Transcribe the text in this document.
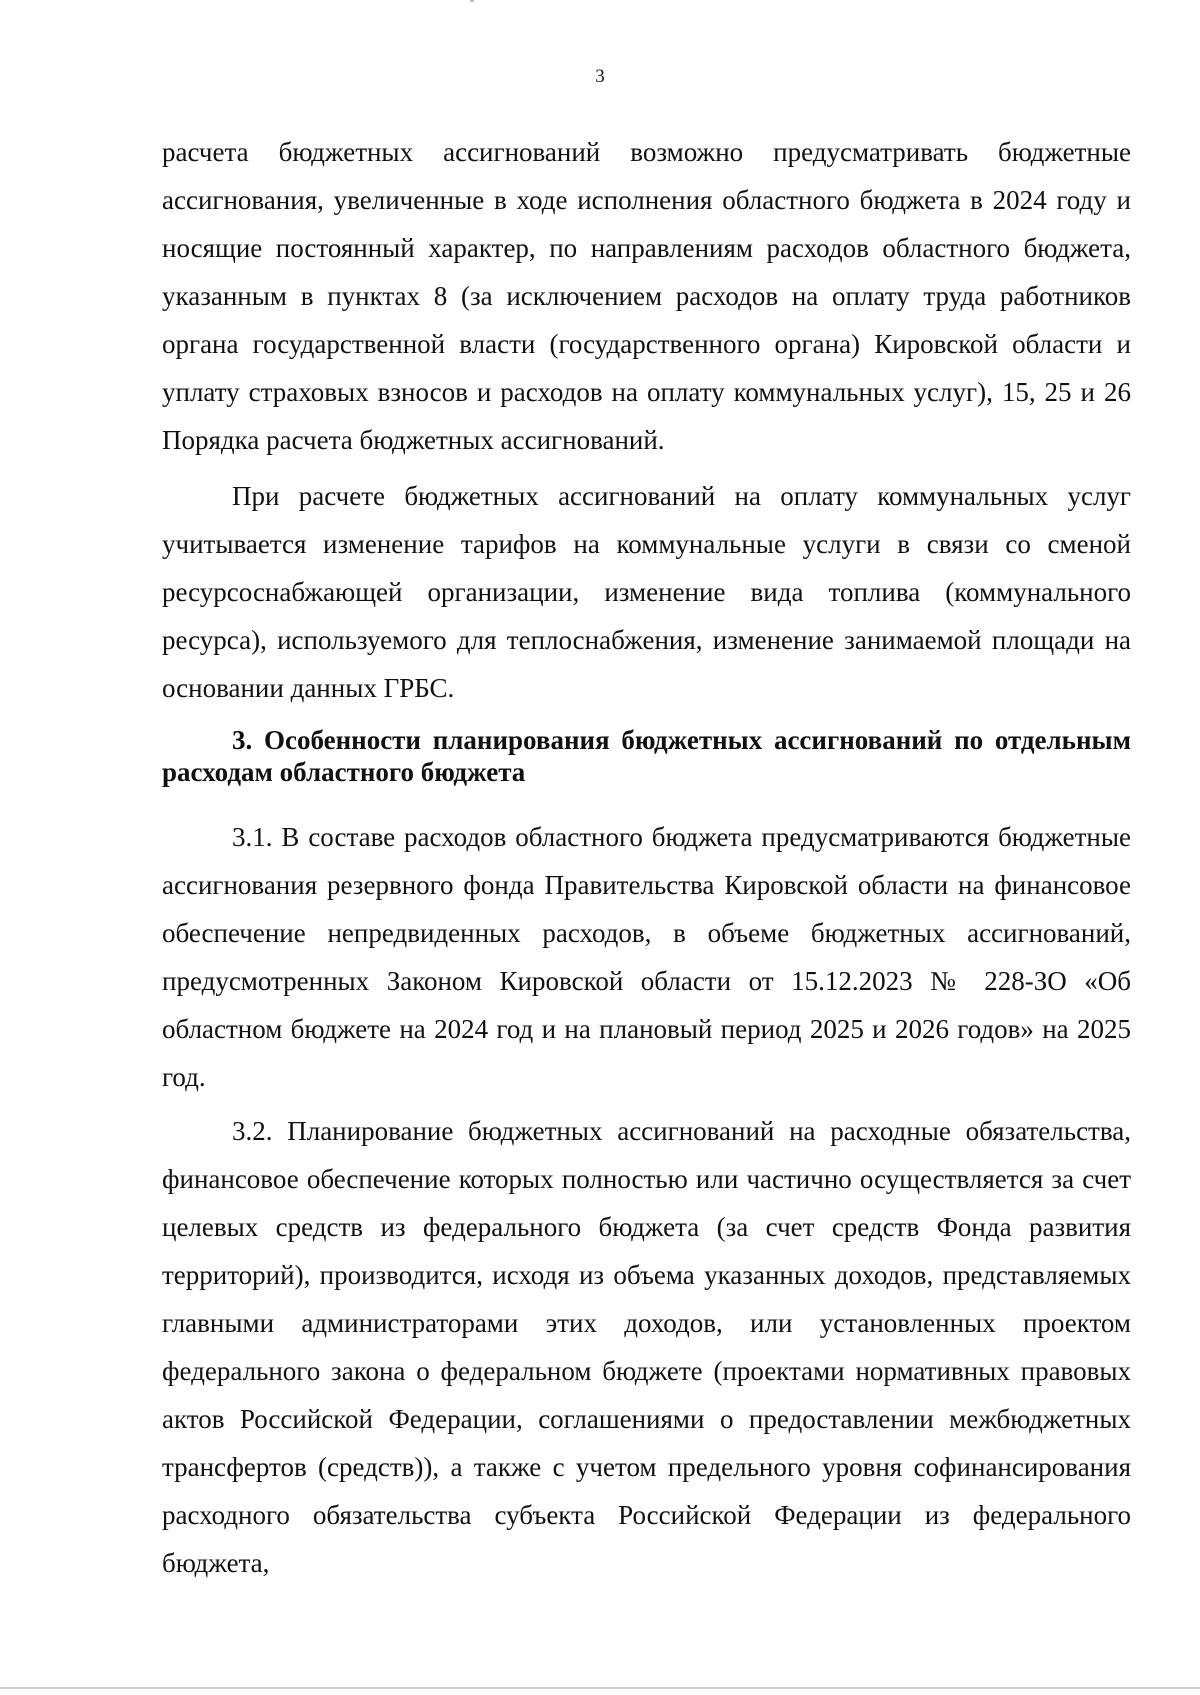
3

расчета бюджетных ассигнований возможно предусматривать бюджетные ассигнования, увеличенные в ходе исполнения областного бюджета в 2024 году и носящие постоянный характер, по направлениям расходов областного бюджета, указанным в пунктах 8 (за исключением расходов на оплату труда работников органа государственной власти (государственного органа) Кировской области и уплату страховых взносов и расходов на оплату коммунальных услуг), 15, 25 и 26 Порядка расчета бюджетных ассигнований.

При расчете бюджетных ассигнований на оплату коммунальных услуг учитывается изменение тарифов на коммунальные услуги в связи со сменой ресурсоснабжающей организации, изменение вида топлива (коммунального ресурса), используемого для теплоснабжения, изменение занимаемой площади на основании данных ГРБС.

3. Особенности планирования бюджетных ассигнований по отдельным расходам областного бюджета

3.1. В составе расходов областного бюджета предусматриваются бюджетные ассигнования резервного фонда Правительства Кировской области на финансовое обеспечение непредвиденных расходов, в объеме бюджетных ассигнований, предусмотренных Законом Кировской области от 15.12.2023 № 228-ЗО «Об областном бюджете на 2024 год и на плановый период 2025 и 2026 годов» на 2025 год.

3.2. Планирование бюджетных ассигнований на расходные обязательства, финансовое обеспечение которых полностью или частично осуществляется за счет целевых средств из федерального бюджета (за счет средств Фонда развития территорий), производится, исходя из объема указанных доходов, представляемых главными администраторами этих доходов, или установленных проектом федерального закона о федеральном бюджете (проектами нормативных правовых актов Российской Федерации, соглашениями о предоставлении межбюджетных трансфертов (средств)), а также с учетом предельного уровня софинансирования расходного обязательства субъекта Российской Федерации из федерального бюджета,
